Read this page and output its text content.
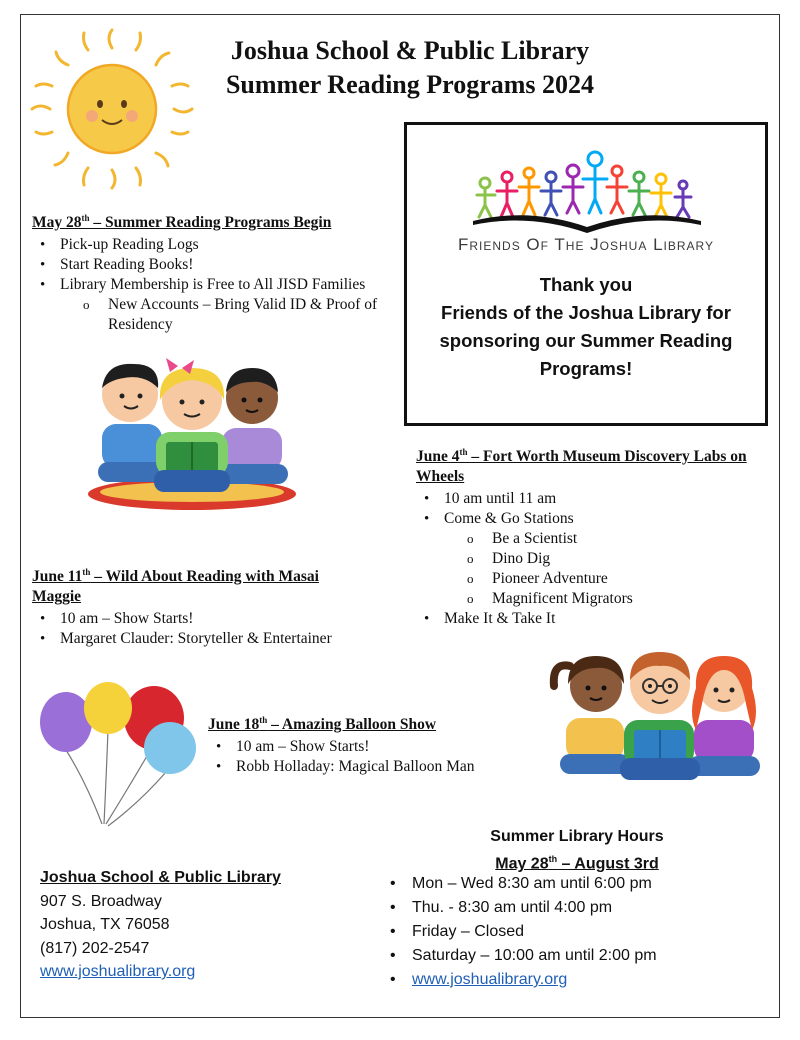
Joshua School & Public Library
Summer Reading Programs 2024
Friends Of The Joshua Library
Thank you
Friends of the Joshua Library for
sponsoring our Summer Reading
Programs!
May 28th – Summer Reading Programs Begin
• Pick-up Reading Logs
• Start Reading Books!
• Library Membership is Free to All JISD Families
o New Accounts – Bring Valid ID & Proof of Residency
June 4th – Fort Worth Museum Discovery Labs on Wheels
• 10 am until 11 am
• Come & Go Stations
o Be a Scientist
o Dino Dig
o Pioneer Adventure
o Magnificent Migrators
• Make It & Take It
June 11th – Wild About Reading with Masai Maggie
• 10 am – Show Starts!
• Margaret Clauder: Storyteller & Entertainer
June 18th – Amazing Balloon Show
• 10 am – Show Starts!
• Robb Holladay: Magical Balloon Man
Joshua School & Public Library
907 S. Broadway
Joshua, TX 76058
(817) 202-2547
www.joshualibrary.org
Summer Library Hours
May 28th – August 3rd
• Mon – Wed 8:30 am until 6:00 pm
• Thu. - 8:30 am until 4:00 pm
• Friday – Closed
• Saturday – 10:00 am until 2:00 pm
• www.joshualibrary.org
